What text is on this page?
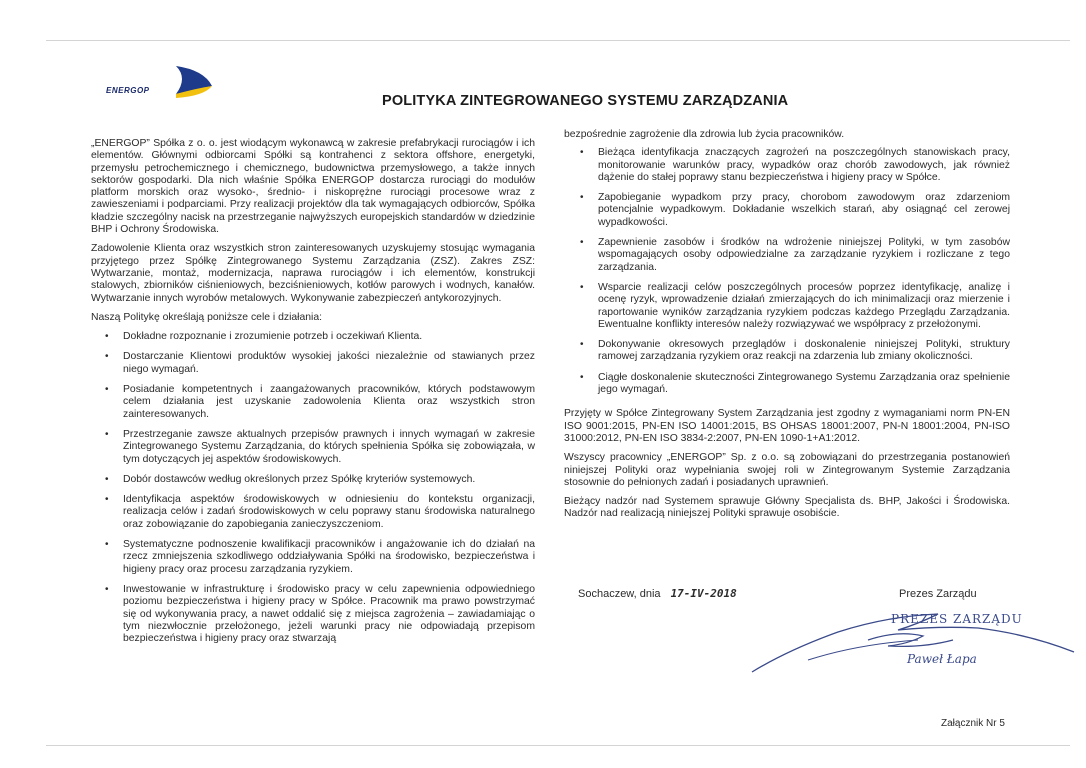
ENERGOP
POLITYKA ZINTEGROWANEGO SYSTEMU ZARZĄDZANIA

„ENERGOP” Spółka z o. o. jest wiodącym wykonawcą w zakresie prefabrykacji rurociągów i ich elementów. Głównymi odbiorcami Spółki są kontrahenci z sektora offshore, energetyki, przemysłu petrochemicznego i chemicznego, budownictwa przemysłowego, a także innych sektorów gospodarki. Dla nich właśnie Spółka ENERGOP dostarcza rurociągi do modułów platform morskich oraz wysoko-, średnio- i niskoprężne rurociągi procesowe wraz z zawieszeniami i podparciami. Przy realizacji projektów dla tak wymagających odbiorców, Spółka kładzie szczególny nacisk na przestrzeganie najwyższych europejskich standardów w dziedzinie BHP i Ochrony Środowiska.

Zadowolenie Klienta oraz wszystkich stron zainteresowanych uzyskujemy stosując wymagania przyjętego przez Spółkę Zintegrowanego Systemu Zarządzania (ZSZ). Zakres ZSZ: Wytwarzanie, montaż, modernizacja, naprawa rurociągów i ich elementów, konstrukcji stalowych, zbiorników ciśnieniowych, bezciśnieniowych, kotłów parowych i wodnych, kanałów. Wytwarzanie innych wyrobów metalowych. Wykonywanie zabezpieczeń antykorozyjnych.

Naszą Politykę określają poniższe cele i działania:

• Dokładne rozpoznanie i zrozumienie potrzeb i oczekiwań Klienta.
• Dostarczanie Klientowi produktów wysokiej jakości niezależnie od stawianych przez niego wymagań.
• Posiadanie kompetentnych i zaangażowanych pracowników, których podstawowym celem działania jest uzyskanie zadowolenia Klienta oraz wszystkich stron zainteresowanych.
• Przestrzeganie zawsze aktualnych przepisów prawnych i innych wymagań w zakresie Zintegrowanego Systemu Zarządzania, do których spełnienia Spółka się zobowiązała, w tym dotyczących jej aspektów środowiskowych.
• Dobór dostawców według określonych przez Spółkę kryteriów systemowych.
• Identyfikacja aspektów środowiskowych w odniesieniu do kontekstu organizacji, realizacja celów i zadań środowiskowych w celu poprawy stanu środowiska naturalnego oraz zobowiązanie do zapobiegania zanieczyszczeniom.
• Systematyczne podnoszenie kwalifikacji pracowników i angażowanie ich do działań na rzecz zmniejszenia szkodliwego oddziaływania Spółki na środowisko, bezpieczeństwa i higieny pracy oraz procesu zarządzania ryzykiem.
• Inwestowanie w infrastrukturę i środowisko pracy w celu zapewnienia odpowiedniego poziomu bezpieczeństwa i higieny pracy w Spółce. Pracownik ma prawo powstrzymać się od wykonywania pracy, a nawet oddalić się z miejsca zagrożenia – zawiadamiając o tym niezwłocznie przełożonego, jeżeli warunki pracy nie odpowiadają przepisom bezpieczeństwa i higieny pracy oraz stwarzają

bezpośrednie zagrożenie dla zdrowia lub życia pracowników.

• Bieżąca identyfikacja znaczących zagrożeń na poszczególnych stanowiskach pracy, monitorowanie warunków pracy, wypadków oraz chorób zawodowych, jak również dążenie do stałej poprawy stanu bezpieczeństwa i higieny pracy w Spółce.
• Zapobieganie wypadkom przy pracy, chorobom zawodowym oraz zdarzeniom potencjalnie wypadkowym. Dokładanie wszelkich starań, aby osiągnąć cel zerowej wypadkowości.
• Zapewnienie zasobów i środków na wdrożenie niniejszej Polityki, w tym zasobów wspomagających osoby odpowiedzialne za zarządzanie ryzykiem i rozliczane z tego zarządzania.
• Wsparcie realizacji celów poszczególnych procesów poprzez identyfikację, analizę i ocenę ryzyk, wprowadzenie działań zmierzających do ich minimalizacji oraz mierzenie i raportowanie wyników zarządzania ryzykiem podczas każdego Przeglądu Zarządzania. Ewentualne konflikty interesów należy rozwiązywać we współpracy z przełożonymi.
• Dokonywanie okresowych przeglądów i doskonalenie niniejszej Polityki, struktury ramowej zarządzania ryzykiem oraz reakcji na zdarzenia lub zmiany okoliczności.
• Ciągłe doskonalenie skuteczności Zintegrowanego Systemu Zarządzania oraz spełnienie jego wymagań.

Przyjęty w Spółce Zintegrowany System Zarządzania jest zgodny z wymaganiami norm PN-EN ISO 9001:2015, PN-EN ISO 14001:2015, BS OHSAS 18001:2007, PN-N 18001:2004, PN-ISO 31000:2012, PN-EN ISO 3834-2:2007, PN-EN 1090-1+A1:2012.

Wszyscy pracownicy „ENERGOP” Sp. z o.o. są zobowiązani do przestrzegania postanowień niniejszej Polityki oraz wypełniania swojej roli w Zintegrowanym Systemie Zarządzania stosownie do pełnionych zadań i posiadanych uprawnień.

Bieżący nadzór nad Systemem sprawuje Główny Specjalista ds. BHP, Jakości i Środowiska. Nadzór nad realizacją niniejszej Polityki sprawuje osobiście.

Sochaczew, dnia 17-IV-2018	Prezes Zarządu
PREZES ZARZĄDU
Paweł Łapa
Załącznik Nr 5
